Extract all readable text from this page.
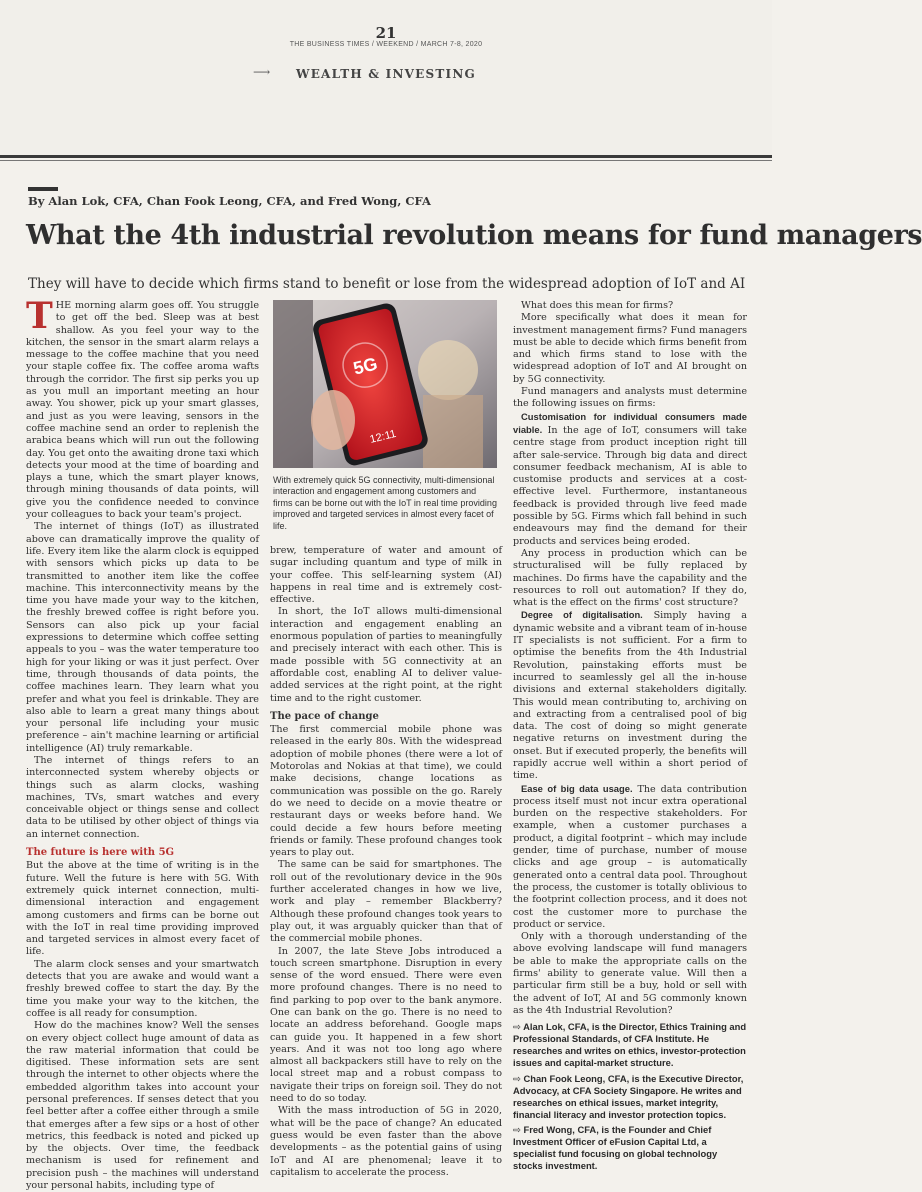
21
THE BUSINESS TIMES / WEEKEND / MARCH 7-8, 2020
⟶	WEALTH & INVESTING
By Alan Lok, CFA, Chan Fook Leong, CFA, and Fred Wong, CFA
What the 4th industrial revolution means for fund managers
They will have to decide which firms stand to benefit or lose from the widespread adoption of IoT and AI

THE morning alarm goes off. You struggle to get off the bed. Sleep was at best shallow. As you feel your way to the kitchen, the sensor in the smart alarm relays a message to the coffee machine that you need your staple coffee fix. The coffee aroma wafts through the corridor. The first sip perks you up as you mull an important meeting an hour away. You shower, pick up your smart glasses, and just as you were leaving, sensors in the coffee machine send an order to replenish the arabica beans which will run out the following day. You get onto the awaiting drone taxi which detects your mood at the time of boarding and plays a tune, which the smart player knows, through mining thousands of data points, will give you the confidence needed to convince your colleagues to back your team's project.

The internet of things (IoT) as illustrated above can dramatically improve the quality of life. Every item like the alarm clock is equipped with sensors which picks up data to be transmitted to another item like the coffee machine. This interconnectivity means by the time you have made your way to the kitchen, the freshly brewed coffee is right before you. Sensors can also pick up your facial expressions to determine which coffee setting appeals to you – was the water temperature too high for your liking or was it just perfect. Over time, through thousands of data points, the coffee machines learn. They learn what you prefer and what you feel is drinkable. They are also able to learn a great many things about your personal life including your music preference – ain't machine learning or artificial intelligence (AI) truly remarkable.

The internet of things refers to an interconnected system whereby objects or things such as alarm clocks, washing machines, TVs, smart watches and every conceivable object or things sense and collect data to be utilised by other object of things via an internet connection.

The future is here with 5G

But the above at the time of writing is in the future. Well the future is here with 5G. With extremely quick internet connection, multi-dimensional interaction and engagement among customers and firms can be borne out with the IoT in real time providing improved and targeted services in almost every facet of life.

The alarm clock senses and your smartwatch detects that you are awake and would want a freshly brewed coffee to start the day. By the time you make your way to the kitchen, the coffee is all ready for consumption.

How do the machines know? Well the senses on every object collect huge amount of data as the raw material information that could be digitised. These information sets are sent through the internet to other objects where the embedded algorithm takes into account your personal preferences. If senses detect that you feel better after a coffee either through a smile that emerges after a few sips or a host of other metrics, this feedback is noted and picked up by the objects. Over time, the feedback mechanism is used for refinement and precision push – the machines will understand your personal habits, including type of

5G
12:11
With extremely quick 5G connectivity, multi-dimensional interaction and engagement among customers and firms can be borne out with the IoT in real time providing improved and targeted services in almost every facet of life.

brew, temperature of water and amount of sugar including quantum and type of milk in your coffee. This self-learning system (AI) happens in real time and is extremely cost-effective.

In short, the IoT allows multi-dimensional interaction and engagement enabling an enormous population of parties to meaningfully and precisely interact with each other. This is made possible with 5G connectivity at an affordable cost, enabling AI to deliver value-added services at the right point, at the right time and to the right customer.

The pace of change

The first commercial mobile phone was released in the early 80s. With the widespread adoption of mobile phones (there were a lot of Motorolas and Nokias at that time), we could make decisions, change locations as communication was possible on the go. Rarely do we need to decide on a movie theatre or restaurant days or weeks before hand. We could decide a few hours before meeting friends or family. These profound changes took years to play out.

The same can be said for smartphones. The roll out of the revolutionary device in the 90s further accelerated changes in how we live, work and play – remember Blackberry? Although these profound changes took years to play out, it was arguably quicker than that of the commercial mobile phones.

In 2007, the late Steve Jobs introduced a touch screen smartphone. Disruption in every sense of the word ensued. There were even more profound changes. There is no need to find parking to pop over to the bank anymore. One can bank on the go. There is no need to locate an address beforehand. Google maps can guide you. It happened in a few short years. And it was not too long ago where almost all backpackers still have to rely on the local street map and a robust compass to navigate their trips on foreign soil. They do not need to do so today.

With the mass introduction of 5G in 2020, what will be the pace of change? An educated guess would be even faster than the above developments – as the potential gains of using IoT and AI are phenomenal; leave it to capitalism to accelerate the process.

What does this mean for firms?

More specifically what does it mean for investment management firms? Fund managers must be able to decide which firms benefit from and which firms stand to lose with the widespread adoption of IoT and AI brought on by 5G connectivity.

Fund managers and analysts must determine the following issues on firms:

Customisation for individual consumers made viable. In the age of IoT, consumers will take centre stage from product inception right till after sale-service. Through big data and direct consumer feedback mechanism, AI is able to customise products and services at a cost-effective level. Furthermore, instantaneous feedback is provided through live feed made possible by 5G. Firms which fall behind in such endeavours may find the demand for their products and services being eroded.

Any process in production which can be structuralised will be fully replaced by machines. Do firms have the capability and the resources to roll out automation? If they do, what is the effect on the firms' cost structure?

Degree of digitalisation. Simply having a dynamic website and a vibrant team of in-house IT specialists is not sufficient. For a firm to optimise the benefits from the 4th Industrial Revolution, painstaking efforts must be incurred to seamlessly gel all the in-house divisions and external stakeholders digitally. This would mean contributing to, archiving on and extracting from a centralised pool of big data. The cost of doing so might generate negative returns on investment during the onset. But if executed properly, the benefits will rapidly accrue well within a short period of time.

Ease of big data usage. The data contribution process itself must not incur extra operational burden on the respective stakeholders. For example, when a customer purchases a product, a digital footprint – which may include gender, time of purchase, number of mouse clicks and age group – is automatically generated onto a central data pool. Throughout the process, the customer is totally oblivious to the footprint collection process, and it does not cost the customer more to purchase the product or service.

Only with a thorough understanding of the above evolving landscape will fund managers be able to make the appropriate calls on the firms' ability to generate value. Will then a particular firm still be a buy, hold or sell with the advent of IoT, AI and 5G commonly known as the 4th Industrial Revolution?

⇨ Alan Lok, CFA, is the Director, Ethics Training and Professional Standards, of CFA Institute. He researches and writes on ethics, investor-protection issues and capital-market structure.
⇨ Chan Fook Leong, CFA, is the Executive Director, Advocacy, at CFA Society Singapore. He writes and researches on ethical issues, market integrity, financial literacy and investor protection topics.
⇨ Fred Wong, CFA, is the Founder and Chief Investment Officer of eFusion Capital Ltd, a specialist fund focusing on global technology stocks investment.
